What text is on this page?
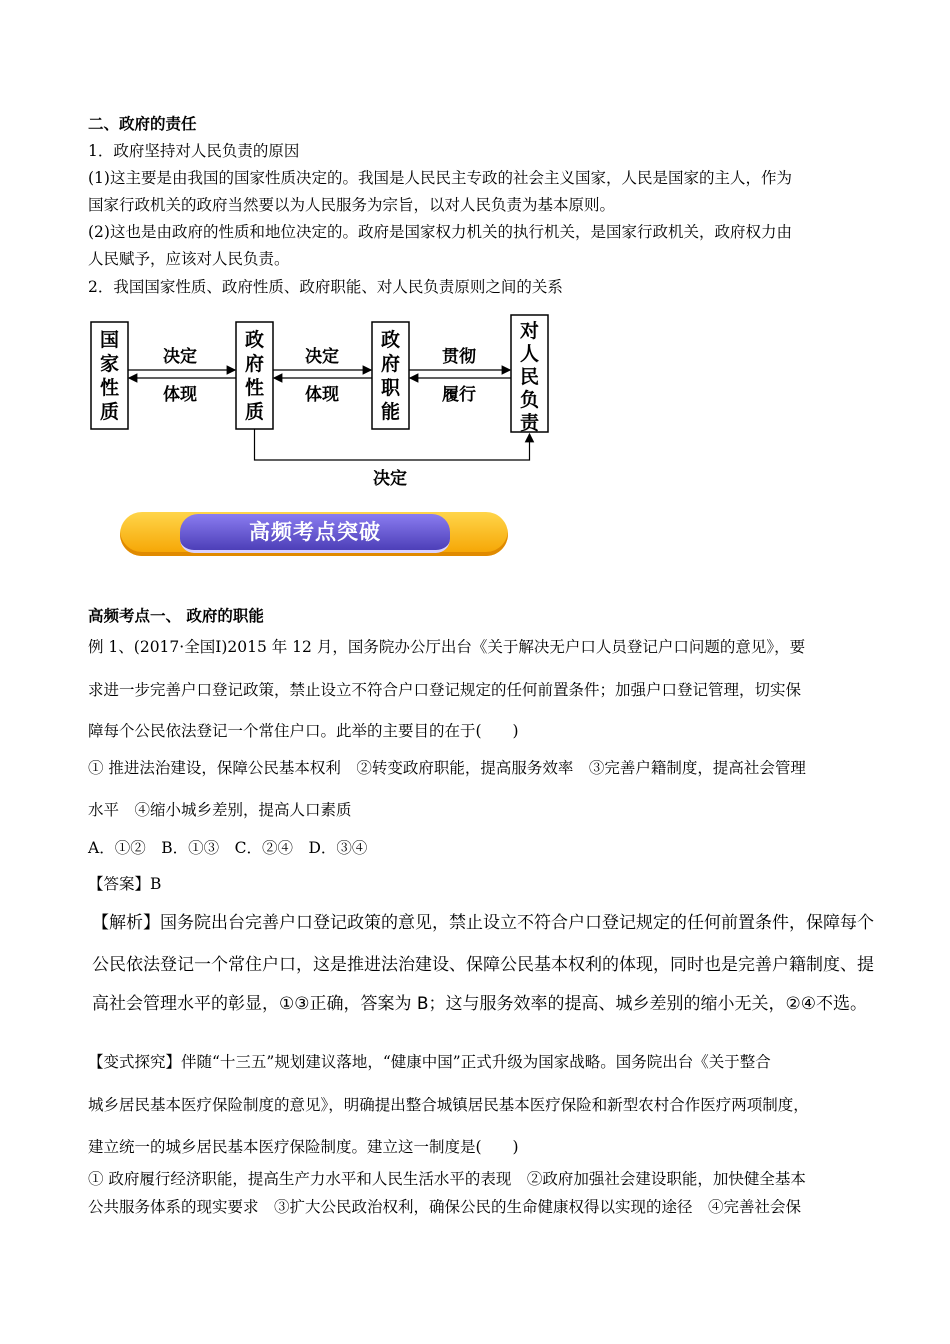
二、政府的责任
1．政府坚持对人民负责的原因
(1)这主要是由我国的国家性质决定的。我国是人民民主专政的社会主义国家，人民是国家的主人，作为
国家行政机关的政府当然要以为人民服务为宗旨，以对人民负责为基本原则。
(2)这也是由政府的性质和地位决定的。政府是国家权力机关的执行机关，是国家行政机关，政府权力由
人民赋予，应该对人民负责。
2．我国国家性质、政府性质、政府职能、对人民负责原则之间的关系
国
家
性
质
政
府
性
质
政
府
职
能
对
人
民
负
责
决定
体现
决定
体现
贯彻
履行
决定
高频考点突破
高频考点一、 政府的职能
例 1、(2017·全国Ⅰ)2015 年 12 月，国务院办公厅出台《关于解决无户口人员登记户口问题的意见》，要
求进一步完善户口登记政策，禁止设立不符合户口登记规定的任何前置条件；加强户口登记管理，切实保
障每个公民依法登记一个常住户口。此举的主要目的在于(　　)
① 推进法治建设，保障公民基本权利　②转变政府职能，提高服务效率　③完善户籍制度，提高社会管理
水平　④缩小城乡差别，提高人口素质
A．①②　B．①③　C．②④　D．③④
【答案】B
【解析】国务院出台完善户口登记政策的意见，禁止设立不符合户口登记规定的任何前置条件，保障每个
公民依法登记一个常住户口，这是推进法治建设、保障公民基本权利的体现，同时也是完善户籍制度、提
高社会管理水平的彰显，①③正确，答案为 B；这与服务效率的提高、城乡差别的缩小无关，②④不选。
【变式探究】伴随“十三五”规划建议落地，“健康中国”正式升级为国家战略。国务院出台《关于整合
城乡居民基本医疗保险制度的意见》，明确提出整合城镇居民基本医疗保险和新型农村合作医疗两项制度，
建立统一的城乡居民基本医疗保险制度。建立这一制度是(　　)
① 政府履行经济职能，提高生产力水平和人民生活水平的表现　②政府加强社会建设职能，加快健全基本
公共服务体系的现实要求　③扩大公民政治权利，确保公民的生命健康权得以实现的途径　④完善社会保
